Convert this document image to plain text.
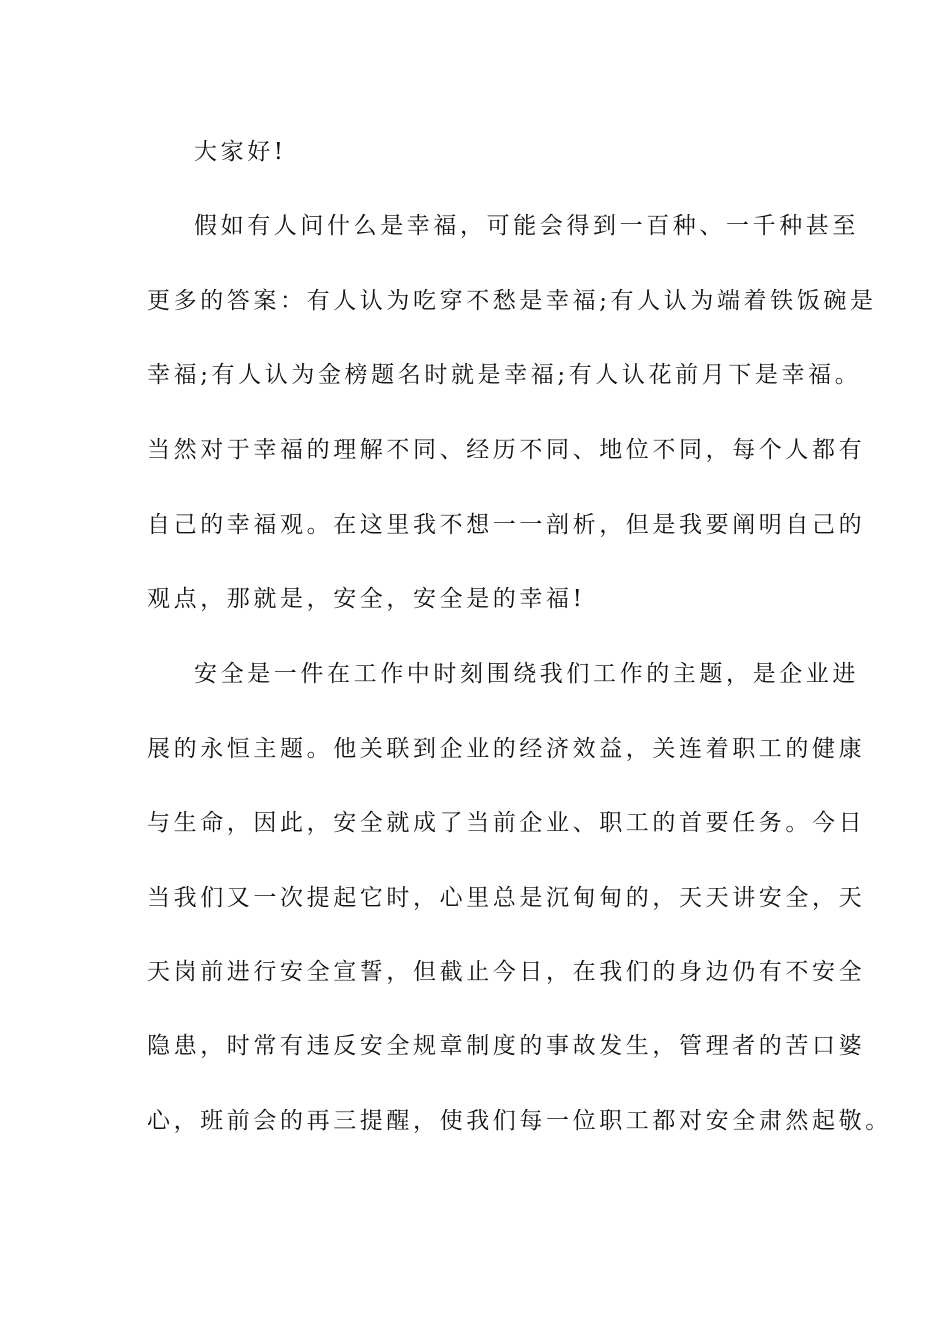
大家好!
假如有人问什么是幸福，可能会得到一百种、一千种甚至
更多的答案：有人认为吃穿不愁是幸福;有人认为端着铁饭碗是
幸福;有人认为金榜题名时就是幸福;有人认花前月下是幸福。
当然对于幸福的理解不同、经历不同、地位不同，每个人都有
自己的幸福观。在这里我不想一一剖析，但是我要阐明自己的
观点，那就是，安全，安全是的幸福!
安全是一件在工作中时刻围绕我们工作的主题，是企业进
展的永恒主题。他关联到企业的经济效益，关连着职工的健康
与生命，因此，安全就成了当前企业、职工的首要任务。今日
当我们又一次提起它时，心里总是沉甸甸的，天天讲安全，天
天岗前进行安全宣誓，但截止今日，在我们的身边仍有不安全
隐患，时常有违反安全规章制度的事故发生，管理者的苦口婆
心，班前会的再三提醒，使我们每一位职工都对安全肃然起敬。
